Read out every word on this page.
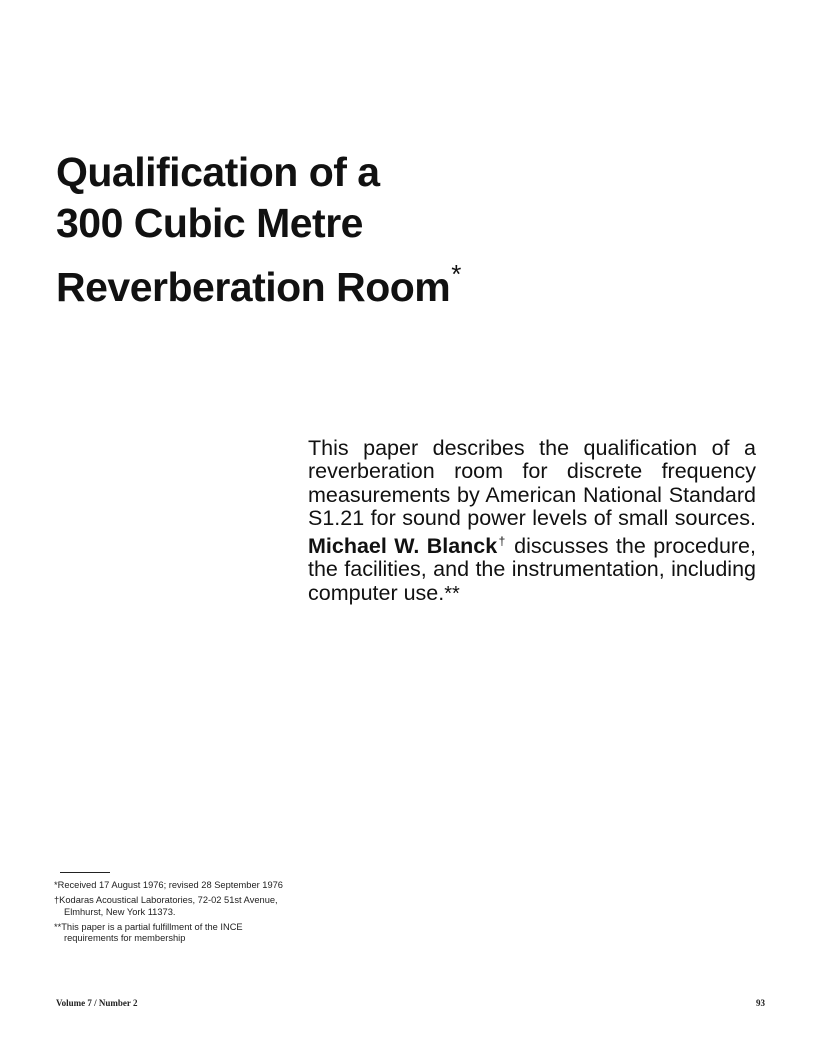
Qualification of a
300 Cubic Metre
Reverberation Room*

This paper describes the qualification of a reverberation room for discrete frequency measurements by American National Standard S1.21 for sound power levels of small sources. Michael W. Blanck† discusses the procedure, the facilities, and the instrumentation, including computer use.**

*Received 17 August 1976; revised 28 September 1976

†Kodaras Acoustical Laboratories, 72-02 51st Avenue, Elmhurst, New York 11373.

**This paper is a partial fulfillment of the INCE requirements for membership

Volume 7 / Number 2	93
